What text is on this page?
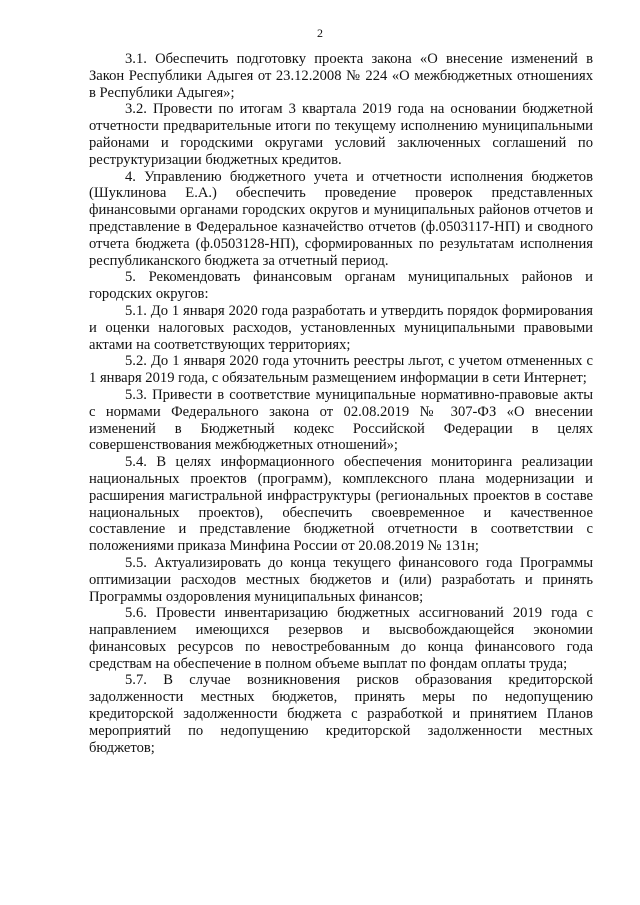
2

3.1. Обеспечить подготовку проекта закона «О внесение изменений в Закон Республики Адыгея от 23.12.2008 № 224 «О межбюджетных отношениях в Республики Адыгея»;

3.2. Провести по итогам 3 квартала 2019 года на основании бюджетной отчетности предварительные итоги по текущему исполнению муниципальными районами и городскими округами условий заключенных соглашений по реструктуризации бюджетных кредитов.

4. Управлению бюджетного учета и отчетности исполнения бюджетов (Шуклинова Е.А.) обеспечить проведение проверок представленных финансовыми органами городских округов и муниципальных районов отчетов и представление в Федеральное казначейство отчетов (ф.0503117-НП) и сводного отчета бюджета (ф.0503128-НП), сформированных по результатам исполнения республиканского бюджета за отчетный период.

5. Рекомендовать финансовым органам муниципальных районов и городских округов:

5.1. До 1 января 2020 года разработать и утвердить порядок формирования и оценки налоговых расходов, установленных муниципальными правовыми актами на соответствующих территориях;

5.2. До 1 января 2020 года уточнить реестры льгот, с учетом отмененных с 1 января 2019 года, с обязательным размещением информации в сети Интернет;

5.3. Привести в соответствие муниципальные нормативно-правовые акты с нормами Федерального закона от 02.08.2019 № 307-ФЗ «О внесении изменений в Бюджетный кодекс Российской Федерации в целях совершенствования межбюджетных отношений»;

5.4. В целях информационного обеспечения мониторинга реализации национальных проектов (программ), комплексного плана модернизации и расширения магистральной инфраструктуры (региональных проектов в составе национальных проектов), обеспечить своевременное и качественное составление и представление бюджетной отчетности в соответствии с положениями приказа Минфина России от 20.08.2019 № 131н;

5.5. Актуализировать до конца текущего финансового года Программы оптимизации расходов местных бюджетов и (или) разработать и принять Программы оздоровления муниципальных финансов;

5.6. Провести инвентаризацию бюджетных ассигнований 2019 года с направлением имеющихся резервов и высвобождающейся экономии финансовых ресурсов по невостребованным до конца финансового года средствам на обеспечение в полном объеме выплат по фондам оплаты труда;

5.7. В случае возникновения рисков образования кредиторской задолженности местных бюджетов, принять меры по недопущению кредиторской задолженности бюджета с разработкой и принятием Планов мероприятий по недопущению кредиторской задолженности местных бюджетов;
